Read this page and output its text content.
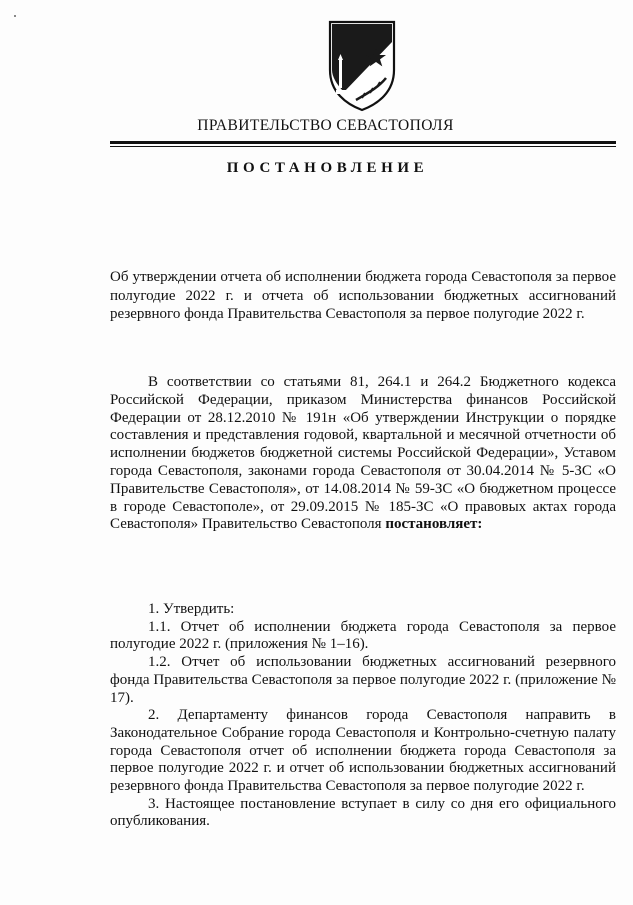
ПРАВИТЕЛЬСТВО СЕВАСТОПОЛЯ
ПОСТАНОВЛЕНИЕ
Об утверждении отчета об исполнении бюджета города Севастополя за первое полугодие 2022 г. и отчета об использовании бюджетных ассигнований резервного фонда Правительства Севастополя за первое полугодие 2022 г.
В соответствии со статьями 81, 264.1 и 264.2 Бюджетного кодекса Российской Федерации, приказом Министерства финансов Российской Федерации от 28.12.2010 № 191н «Об утверждении Инструкции о порядке составления и представления годовой, квартальной и месячной отчетности об исполнении бюджетов бюджетной системы Российской Федерации», Уставом города Севастополя, законами города Севастополя от 30.04.2014 № 5-ЗС «О Правительстве Севастополя», от 14.08.2014 № 59-ЗС «О бюджетном процессе в городе Севастополе», от 29.09.2015 № 185-ЗС «О правовых актах города Севастополя» Правительство Севастополя постановляет:

1. Утвердить:

1.1. Отчет об исполнении бюджета города Севастополя за первое полугодие 2022 г. (приложения № 1–16).

1.2. Отчет об использовании бюджетных ассигнований резервного фонда Правительства Севастополя за первое полугодие 2022 г. (приложение № 17).

2. Департаменту финансов города Севастополя направить в Законодательное Собрание города Севастополя и Контрольно-счетную палату города Севастополя отчет об исполнении бюджета города Севастополя за первое полугодие 2022 г. и отчет об использовании бюджетных ассигнований резервного фонда Правительства Севастополя за первое полугодие 2022 г.

3. Настоящее постановление вступает в силу со дня его официального опубликования.
